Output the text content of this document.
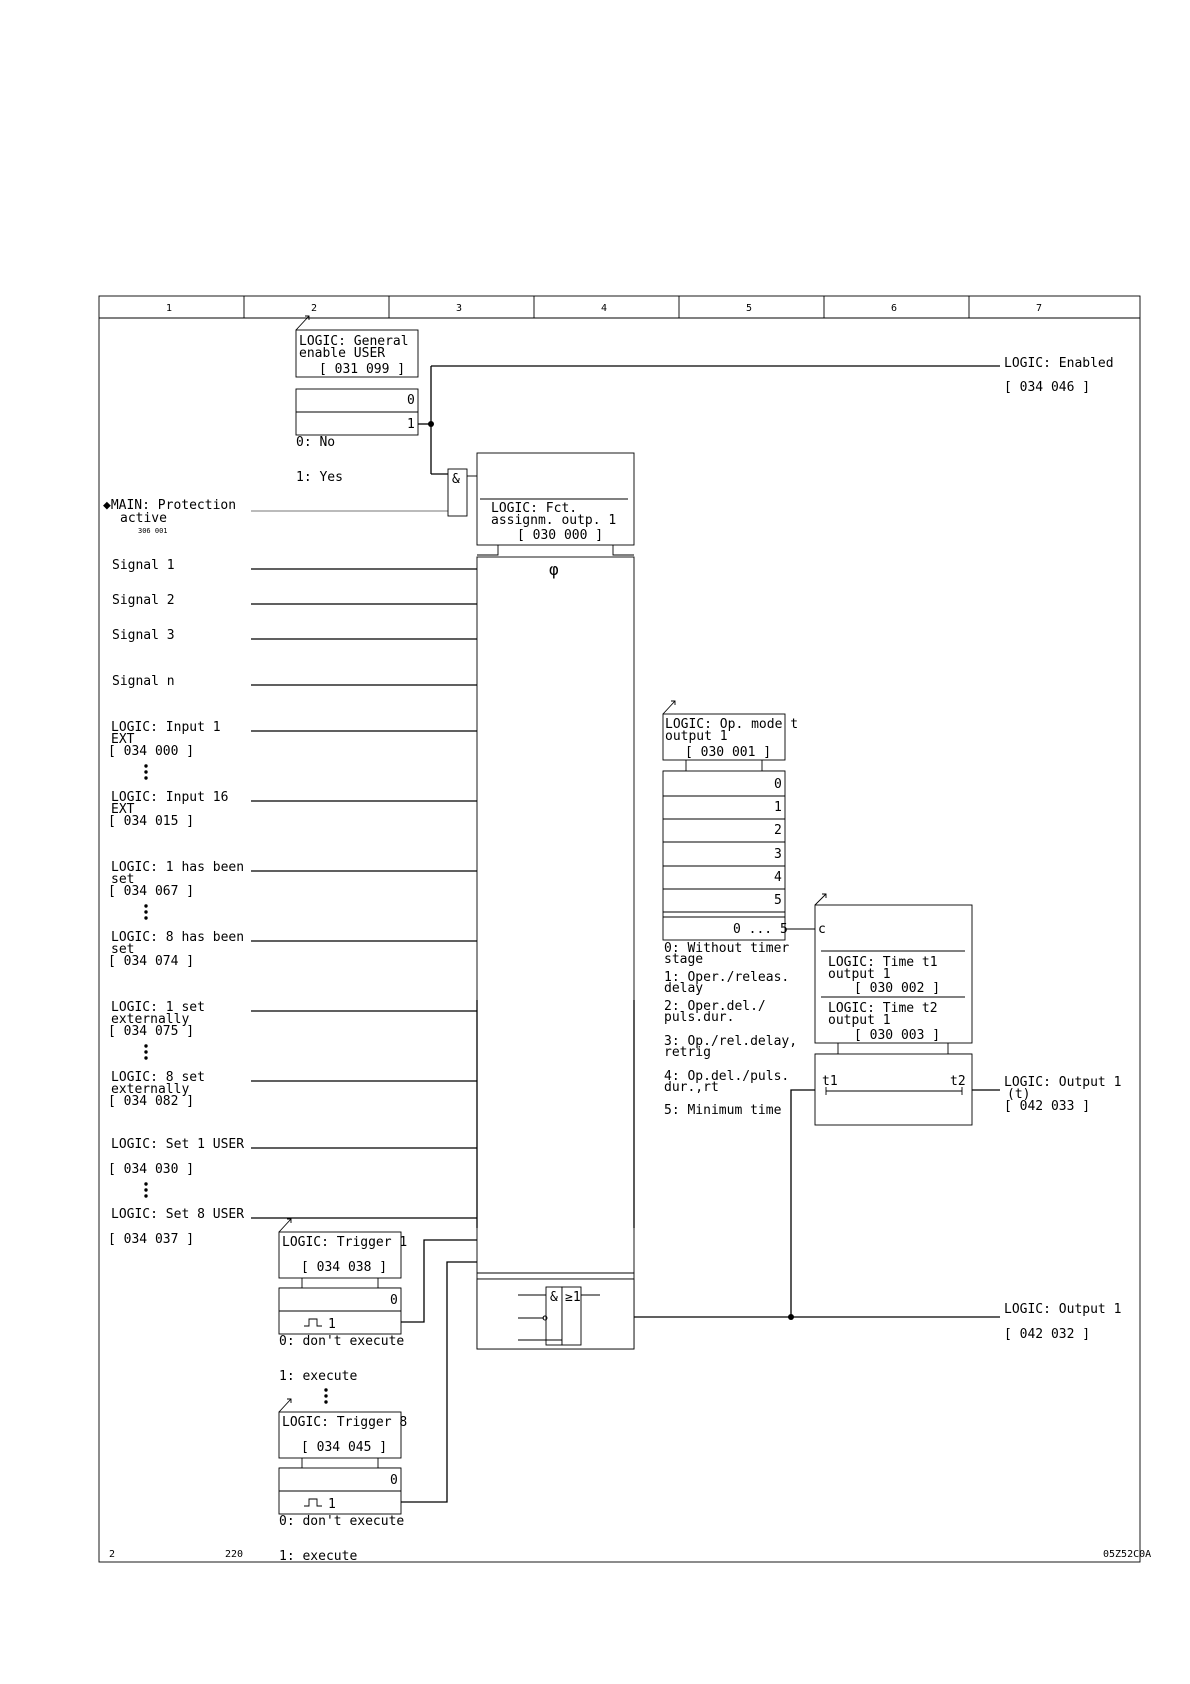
1	2	3	4	5	6	7
LOGIC: General
enable USER
[ 031 099 ]
0
1
0: No
1: Yes
LOGIC: Enabled
[ 034 046 ]
◆MAIN: Protection
active
306 001
&
LOGIC: Fct.
assignm. outp. 1
[ 030 000 ]
φ
& ≥1
Signal 1
Signal 2
Signal 3
Signal n
LOGIC: Input 1
EXT
[ 034 000 ]
LOGIC: Input 16
EXT
[ 034 015 ]
LOGIC: 1 has been
set
[ 034 067 ]
LOGIC: 8 has been
set
[ 034 074 ]
LOGIC: 1 set
externally
[ 034 075 ]
LOGIC: 8 set
externally
[ 034 082 ]
LOGIC: Set 1 USER
[ 034 030 ]
LOGIC: Set 8 USER
[ 034 037 ]	LOGIC: Trigger 1
[ 034 038 ]
0
1
0: don't execute
1: execute
LOGIC: Trigger 8
[ 034 045 ]
0
1
0: don't execute
1: execute
LOGIC: Op. mode t
output 1
[ 030 001 ]
0
1
2
3
4
5
0 ... 5
0: Without timer
stage
1: Oper./releas.
delay
2: Oper.del./
puls.dur.
3: Op./rel.delay,
retrig
4: Op.del./puls.
dur.,rt
5: Minimum time
c
LOGIC: Time t1
output 1
[ 030 002 ]
LOGIC: Time t2
output 1
[ 030 003 ]
t1	t2	LOGIC: Output 1
(t)
[ 042 033 ]
LOGIC: Output 1
[ 042 032 ]
2	220	05Z52C0A
